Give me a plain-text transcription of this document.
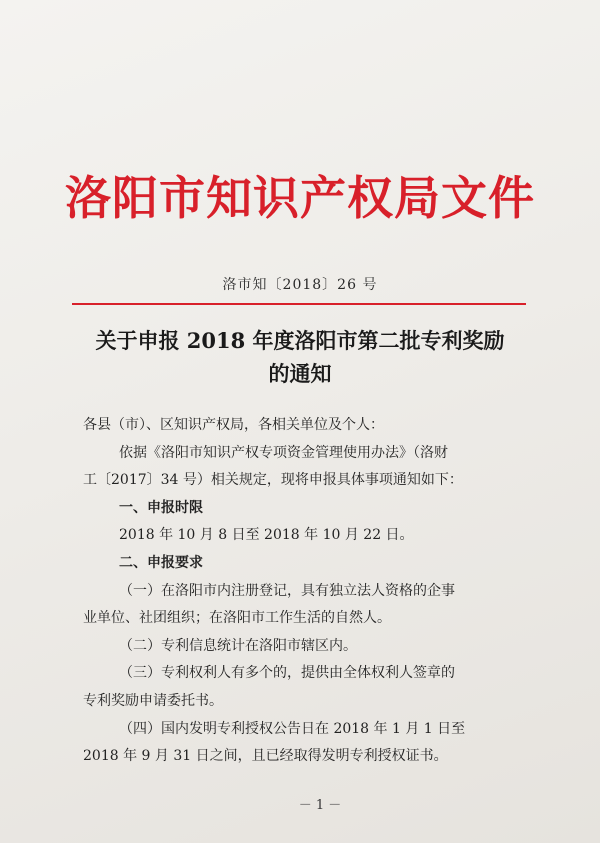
洛阳市知识产权局文件
洛市知〔2018〕26 号
关于申报 2018 年度洛阳市第二批专利奖励
的通知
各县（市）、区知识产权局，各相关单位及个人：
依据《洛阳市知识产权专项资金管理使用办法》（洛财
工〔2017〕34 号）相关规定，现将申报具体事项通知如下：
一、申报时限
2018 年 10 月 8 日至 2018 年 10 月 22 日。
二、申报要求
（一）在洛阳市内注册登记，具有独立法人资格的企事
业单位、社团组织；在洛阳市工作生活的自然人。
（二）专利信息统计在洛阳市辖区内。
（三）专利权利人有多个的，提供由全体权利人签章的
专利奖励申请委托书。
（四）国内发明专利授权公告日在 2018 年 1 月 1 日至
2018 年 9 月 31 日之间，且已经取得发明专利授权证书。
－ 1 －
